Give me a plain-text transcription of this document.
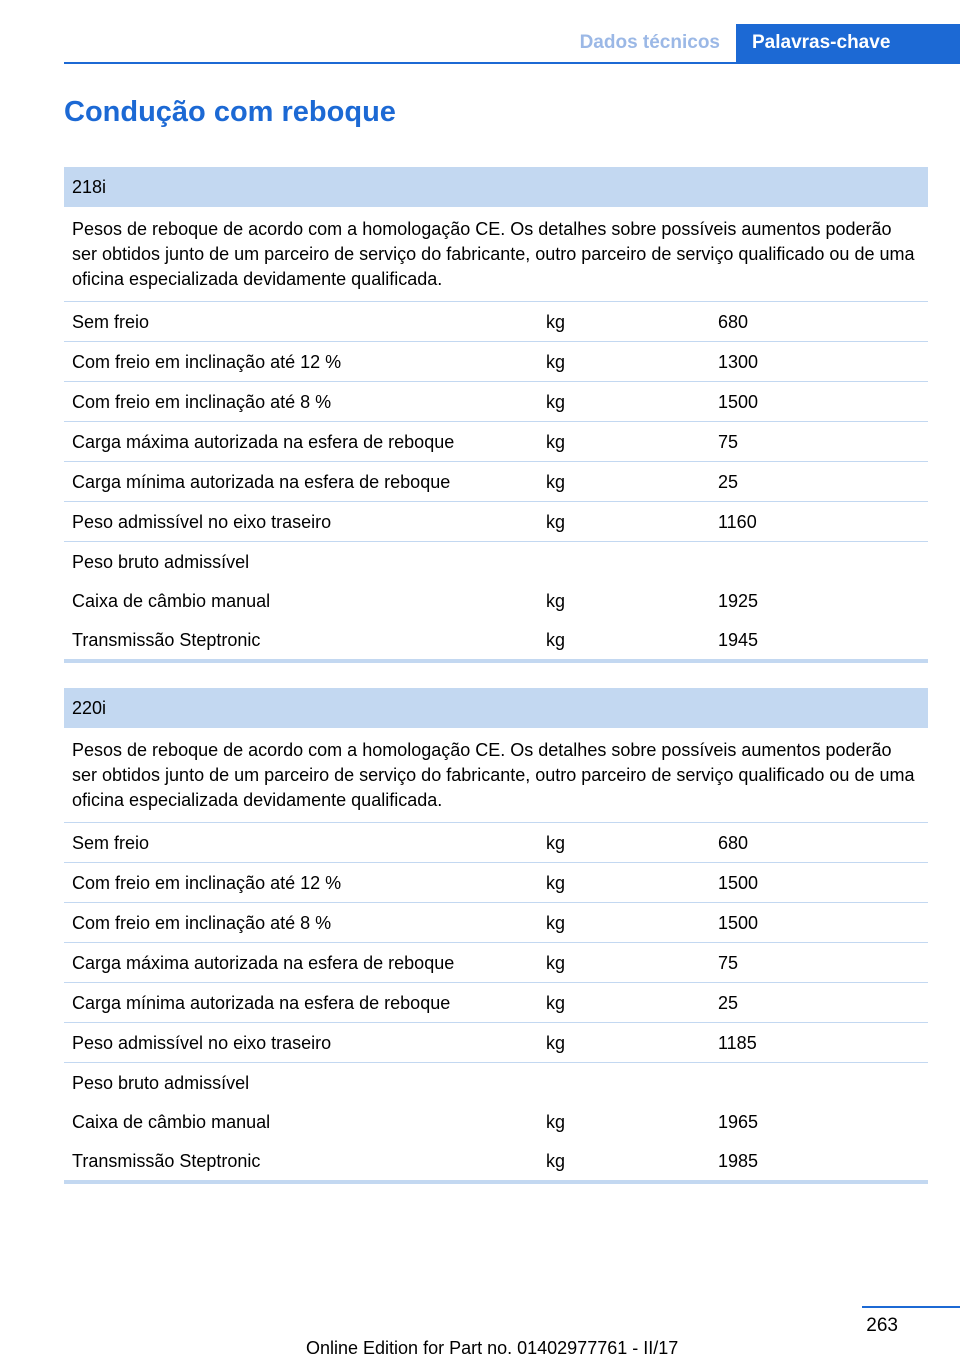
Dados técnicos	Palavras-chave
Condução com reboque
218i
Pesos de reboque de acordo com a homologação CE. Os detalhes sobre possíveis aumentos poderão ser obtidos junto de um parceiro de serviço do fabricante, outro parceiro de serviço qualificado ou de uma oficina especializada devidamente qualificada.
Sem freio	kg	680
Com freio em inclinação até 12 %	kg	1300
Com freio em inclinação até 8 %	kg	1500
Carga máxima autorizada na esfera de reboque	kg	75
Carga mínima autorizada na esfera de reboque	kg	25
Peso admissível no eixo traseiro	kg	1160
Peso bruto admissível
Caixa de câmbio manual	kg	1925
Transmissão Steptronic	kg	1945
220i
Pesos de reboque de acordo com a homologação CE. Os detalhes sobre possíveis aumentos poderão ser obtidos junto de um parceiro de serviço do fabricante, outro parceiro de serviço qualificado ou de uma oficina especializada devidamente qualificada.
Sem freio	kg	680
Com freio em inclinação até 12 %	kg	1500
Com freio em inclinação até 8 %	kg	1500
Carga máxima autorizada na esfera de reboque	kg	75
Carga mínima autorizada na esfera de reboque	kg	25
Peso admissível no eixo traseiro	kg	1185
Peso bruto admissível
Caixa de câmbio manual	kg	1965
Transmissão Steptronic	kg	1985
263
Online Edition for Part no. 01402977761 - II/17
